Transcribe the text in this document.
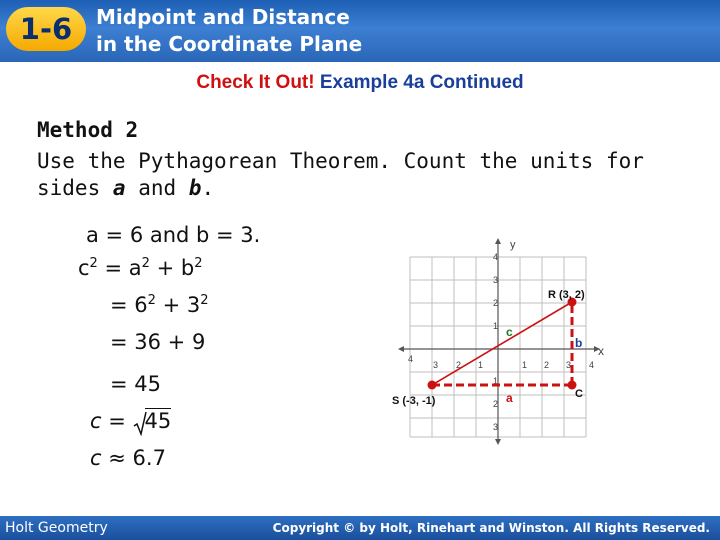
1-6	Midpoint and Distance
in the Coordinate Plane
Check It Out! Example 4a Continued
Method 2
Use the Pythagorean Theorem. Count the units for
sides a and b.
a = 6 and b = 3.
$c^2 = a^2 + b^2$
= $6^2 + 3^2$
= 36 + 9
= 45
c = 45
c ≈ 6.7
y
x
4
3 2 1	1 2 3 4
4
3
2
1
1
2
3
R (3, 2)
S (-3, -1)
C
c
b
a
Holt Geometry	Copyright © by Holt, Rinehart and Winston. All Rights Reserved.
